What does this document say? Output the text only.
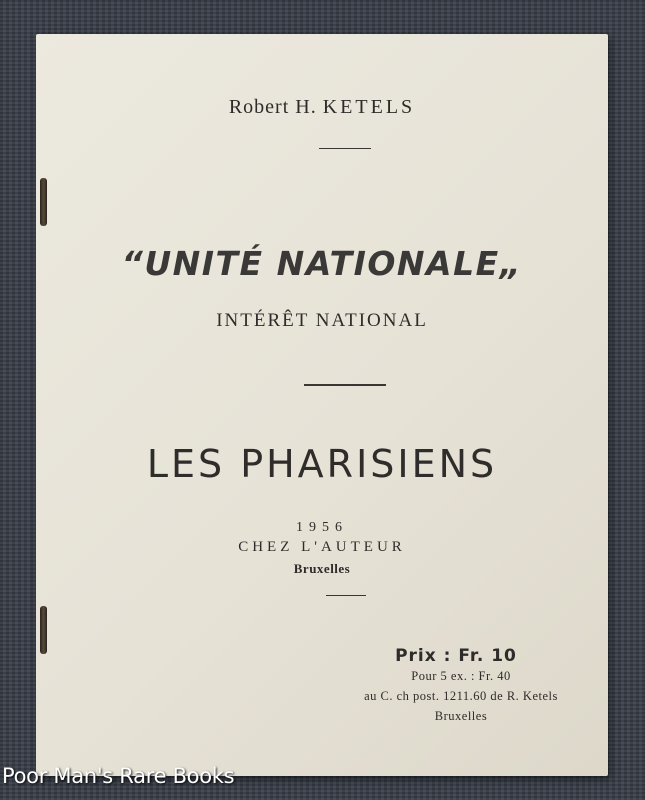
Robert H. KETELS
“UNITÉ NATIONALE„
INTÉRÊT NATIONAL
LES PHARISIENS
1956
CHEZ L'AUTEUR
Bruxelles
Prix : Fr. 10
Pour 5 ex. : Fr. 40
au C. ch post. 1211.60 de R. Ketels
Bruxelles
Poor Man's Rare Books
